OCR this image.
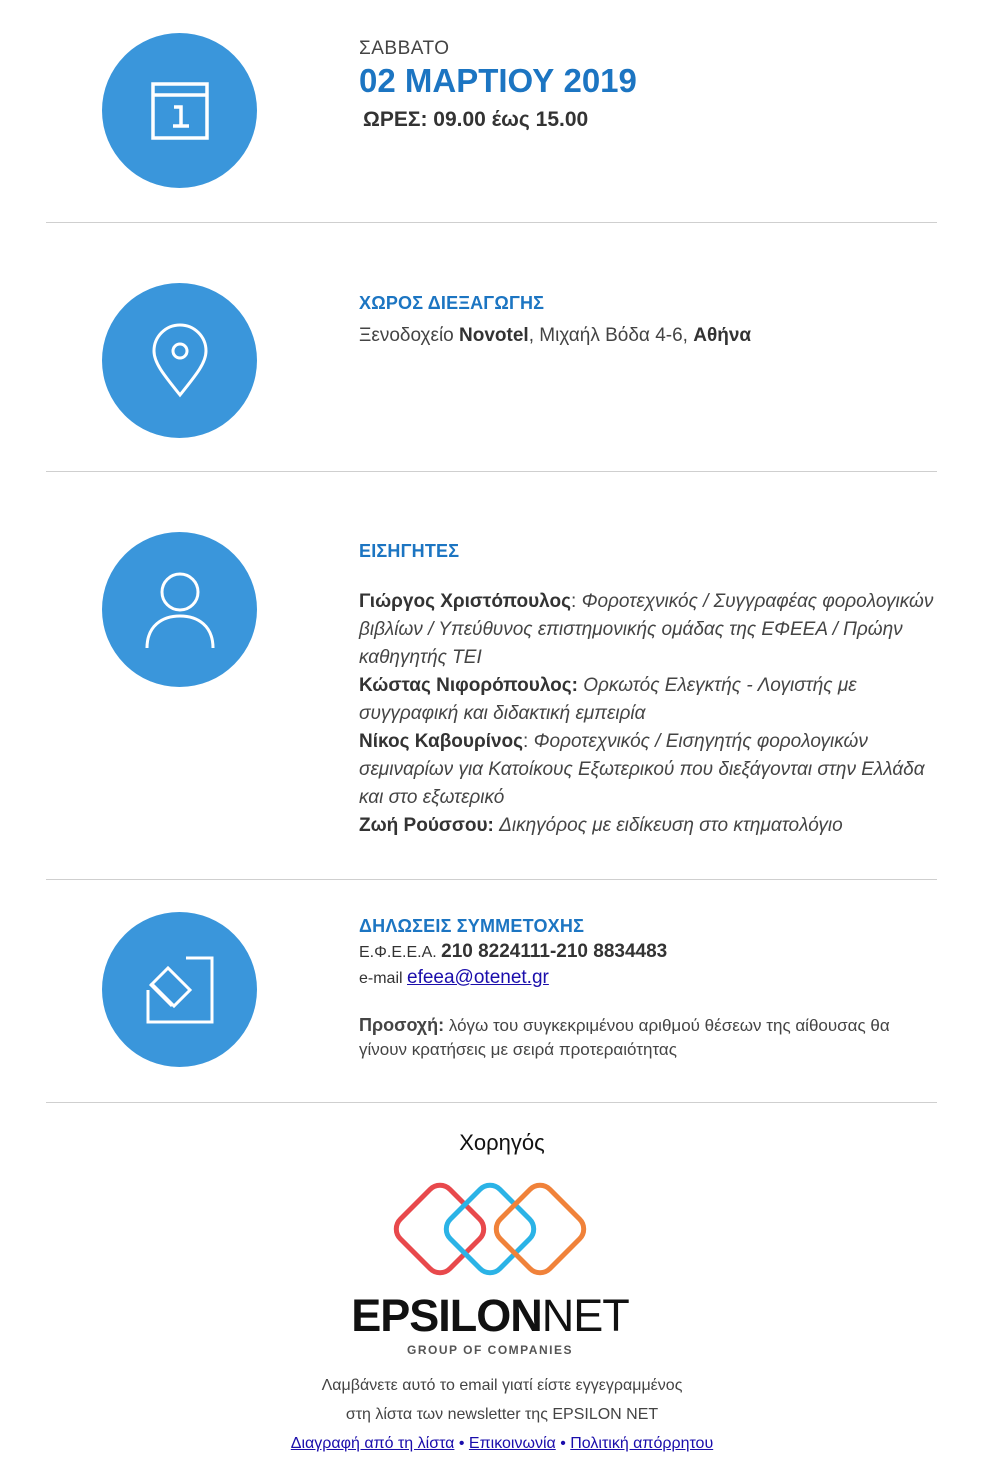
ΣΑΒΒΑΤΟ
02 ΜΑΡΤΙΟΥ 2019
ΩΡΕΣ: 09.00 έως 15.00
ΧΩΡΟΣ ΔΙΕΞΑΓΩΓΗΣ
Ξενοδοχείο Novotel, Μιχαήλ Βόδα 4-6, Αθήνα
ΕΙΣΗΓΗΤΕΣ
Γιώργος Χριστόπουλος: Φοροτεχνικός / Συγγραφέας φορολογικών βιβλίων / Υπεύθυνος επιστημονικής ομάδας της ΕΦΕΕΑ / Πρώην καθηγητής ΤΕΙ
Κώστας Νιφορόπουλος: Ορκωτός Ελεγκτής - Λογιστής με συγγραφική και διδακτική εμπειρία
Νίκος Καβουρίνος: Φοροτεχνικός / Εισηγητής φορολογικών σεμιναρίων για Κατοίκους Εξωτερικού που διεξάγονται στην Ελλάδα και στο εξωτερικό
Ζωή Ρούσσου: Δικηγόρος με ειδίκευση στο κτηματολόγιο
ΔΗΛΩΣΕΙΣ ΣΥΜΜΕΤΟΧΗΣ
Ε.Φ.Ε.Ε.Α. 210 8224111-210 8834483
e-mail efeea@otenet.gr
Προσοχή: λόγω του συγκεκριμένου αριθμού θέσεων της αίθουσας θα γίνουν κρατήσεις με σειρά προτεραιότητας
Χορηγός
EPSILONNET
GROUP OF COMPANIES
Λαμβάνετε αυτό το email γιατί είστε εγγεγραμμένος
στη λίστα των newsletter της EPSILON NET
Διαγραφή από τη λίστα • Επικοινωνία • Πολιτική απόρρητου
